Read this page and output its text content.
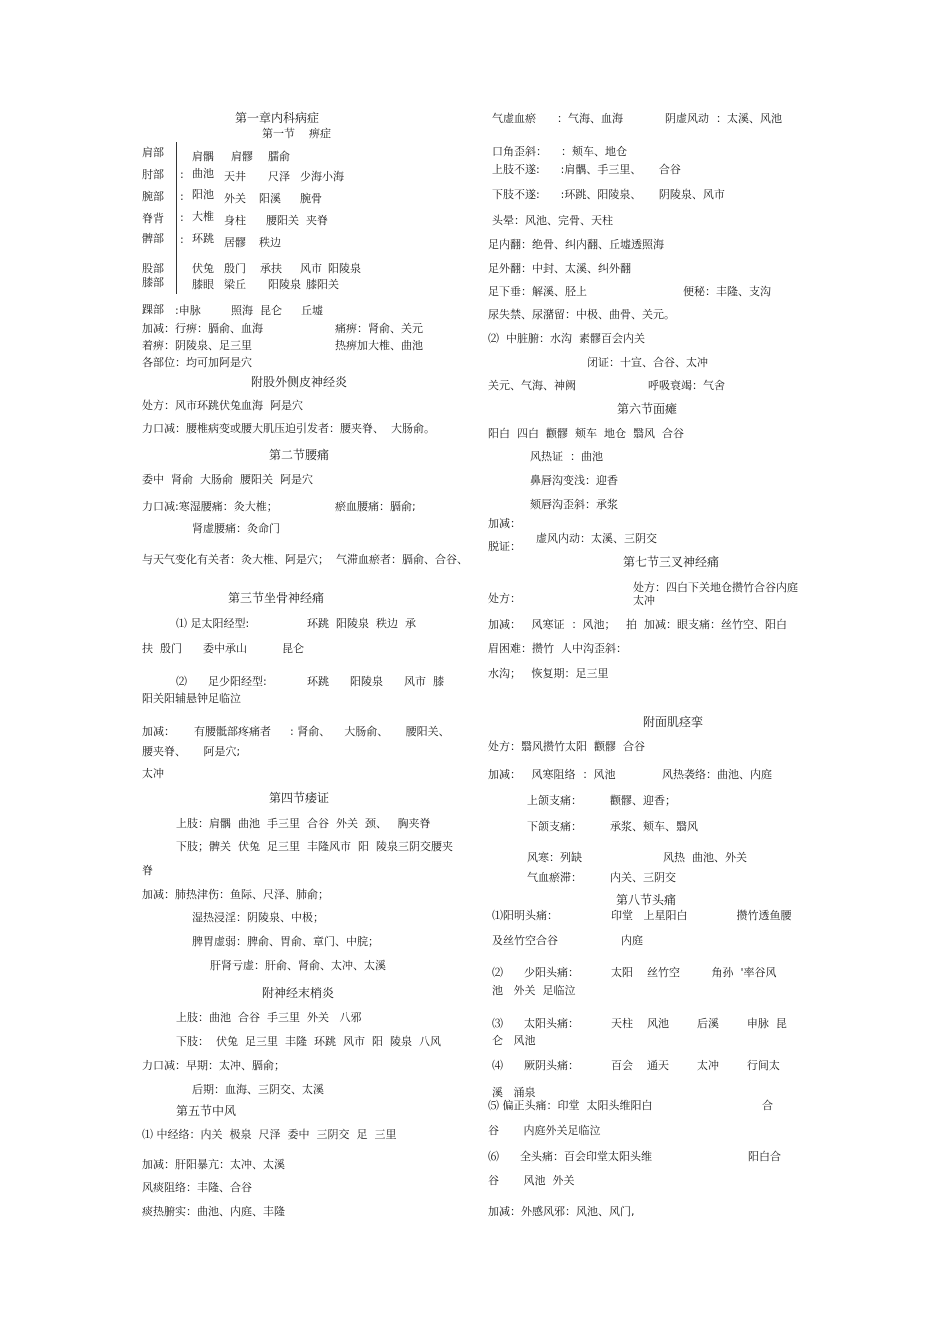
第一章内科病症
第一节    痹症
肩部	肩髃 肩髎 臑俞
肘部 : 曲池 天井 尺泽 少海小海
腕部 : 阳池 外关 阳溪 腕骨
脊背 : 大椎 身柱 腰阳关 夹脊
髀部 : 环跳 居髎 秩边
股部	伏兔 殷门 承扶 风市 阳陵泉
膝部	膝眼 梁丘 阳陵泉 膝阳关
踝部 :申脉	照海 昆仑 丘墟
加减：行痹：膈俞、血海	痛痹：肾俞、关元
着痹：阴陵泉、足三里	热痹加大椎、曲池
各部位：均可加阿是穴
附股外侧皮神经炎
处方：风市环跳伏兔血海  阿是穴
力口减：腰椎病变或腰大肌压迫引发者：腰夹脊、  大肠俞。
第二节腰痛
委中  肾俞  大肠俞  腰阳关  阿是穴
力口减:寒湿腰痛：灸大椎；	瘀血腰痛：膈俞;
肾虚腰痛：灸命门
与天气变化有关者：灸大椎、阿是穴；  气滞血瘀者：膈俞、合谷、
第三节坐骨神经痛
⑴ 足太阳经型:	环跳  阳陵泉  秩边  承
扶  殷门      委中承山          昆仑
⑵      足少阳经型:	环跳      阳陵泉      风市  膝
阳关阳辅悬钟足临泣
加减： 有腰骶部疼痛者 : 肾俞、    大肠俞、     腰阳关、
腰夹脊、     阿是穴;
太冲
第四节痿证
上肢：肩髃  曲池  手三里  合谷  外关  颈、   胸夹脊
下肢；髀关  伏兔  足三里  丰隆风市  阳  陵泉三阴交腰夹
脊
加减：肺热津伤：鱼际、尺泽、肺俞；
湿热浸淫：阴陵泉、中极；
脾胃虚弱：脾俞、胃俞、章门、中脘；
肝肾亏虚：肝俞、肾俞、太冲、太溪
附神经末梢炎
上肢：曲池  合谷  手三里  外关   八邪
下肢：  伏兔  足三里  丰隆  环跳  风市  阳  陵泉  八风
力口减：早期：太冲、膈俞；
后期：血海、三阴交、太溪
第五节中风
⑴ 中经络：内关  极泉  尺泽  委中  三阴交  足  三里
加减：肝阳暴亢：太冲、太溪
风痰阻络：丰隆、合谷
痰热腑实：曲池、内庭、丰隆
气虚血瘀      ：气海、血海	阴虚风动  ：太溪、风池
口角歪斜：    ：颊车、地仓
上肢不遂:      :肩髃、手三里、     合谷
下肢不遂:      :环跳、阳陵泉、     阴陵泉、风市
头晕：风池、完骨、天柱
足内翻：绝骨、纠内翻、丘墟透照海
足外翻：中封、太溪、纠外翻
足下垂：解溪、胫上	便秘：丰隆、支沟
尿失禁、尿潴留：中极、曲骨、关元。
⑵  中脏腑：水沟  素髎百会内关
闭证：十宣、合谷、太冲
关元、气海、神阙	呼吸衰竭：气舍
第六节面瘫
阳白  四白  颧髎  颊车  地仓  翳风  合谷
风热证  ：曲池
鼻唇沟变浅：迎香
颏唇沟歪斜：承浆
加减：
脱证：
虚风内动：太溪、三阴交
第七节三叉神经痛
处方：
处方：四白下关地仓攒竹合谷内庭
太冲
加减：   风寒证  ：风池；   拍  加减：眼支痛：丝竹空、阳白
眉困难：攒竹  人中沟歪斜：
水沟；   恢复期：足三里
附面肌痉挛
处方：翳风攒竹太阳  颧髎  合谷
加减：   风寒阻络  ：风池	风热袭络：曲池、内庭
上颌支痛：        颧髎、迎香；
下颌支痛：        承浆、颊车、翳风
风寒：列缺	风热  曲池、外关
气血瘀滞：        内关、三阴交
第八节头痛
⑴阳明头痛：	印堂   上星阳白              攒竹透鱼腰
及丝竹空合谷                  内庭
⑵      少阳头痛：	太阳    丝竹空         角孙  '率谷风
池   外关  足临泣
⑶      太阳头痛：	天柱    风池        后溪        申脉  昆
仑   风池
⑷      厥阴头痛：	百会    通天        太冲        行间太
溪   涌泉
⑸ 偏正头痛：印堂  太阳头维阳白	合
谷       内庭外关足临泣
⑹      全头痛：百会印堂太阳头维	阳白合
谷       风池  外关
加减：外感风邪：风池、风门,
